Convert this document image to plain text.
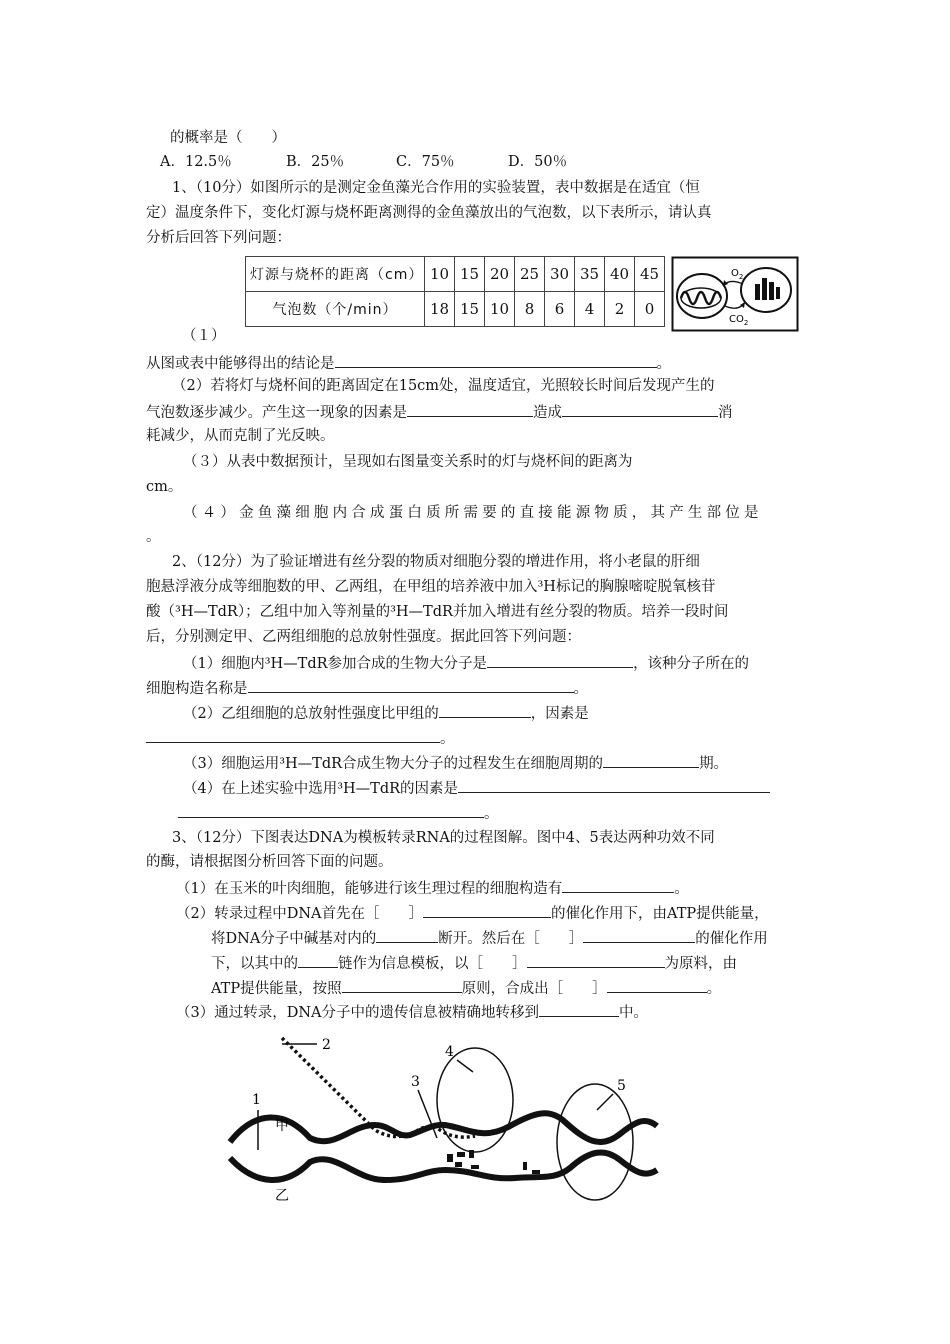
的概率是（　　）
A．12.5％	B．25％	C．75％	D．50％
1、（10分）如图所示的是测定金鱼藻光合作用的实验装置，表中数据是在适宜（恒
定）温度条件下，变化灯源与烧杯距离测得的金鱼藻放出的气泡数，以下表所示，请认真
分析后回答下列问题：
灯源与烧杯的距离（cm）	10	15	20	25	30	35	40	45
气泡数（个/min）	18	15	10	8	6	4	2	0
$O_2$
$CO_2$
（１）
从图或表中能够得出的结论是	。
（2）若将灯与烧杯间的距离固定在15cm处，温度适宜，光照较长时间后发现产生的
气泡数逐步减少。产生这一现象的因素是	造成	消
耗减少，从而克制了光反映。
（３）从表中数据预计，呈现如右图量变关系时的灯与烧杯间的距离为
cm。
（４）金鱼藻细胞内合成蛋白质所需要的直接能源物质，其产生部位是
。
2、（12分）为了验证增进有丝分裂的物质对细胞分裂的增进作用，将小老鼠的肝细
胞悬浮液分成等细胞数的甲、乙两组，在甲组的培养液中加入³H标记的胸腺嘧啶脱氧核苷
酸（³H—TdR）；乙组中加入等剂量的³H—TdR并加入增进有丝分裂的物质。培养一段时间
后，分别测定甲、乙两组细胞的总放射性强度。据此回答下列问题：
（1）细胞内³H—TdR参加合成的生物大分子是	，该种分子所在的
细胞构造名称是	。
（2）乙组细胞的总放射性强度比甲组的	，因素是
。
（3）细胞运用³H—TdR合成生物大分子的过程发生在细胞周期的	期。
（4）在上述实验中选用³H—TdR的因素是
。
3、（12分）下图表达DNA为模板转录RNA的过程图解。图中4、5表达两种功效不同
的酶，请根据图分析回答下面的问题。
（1）在玉米的叶肉细胞，能够进行该生理过程的细胞构造有	。
（2）转录过程中DNA首先在［　　］	的催化作用下，由ATP提供能量，
将DNA分子中碱基对内的	断开。然后在［　　］	的催化作用
下，以其中的	链作为信息模板，以［　　］	为原料，由
ATP提供能量，按照	原则，合成出［　　］	。
（3）通过转录，DNA分子中的遗传信息被精确地转移到	中。
1
2
3
4
5
甲
乙
